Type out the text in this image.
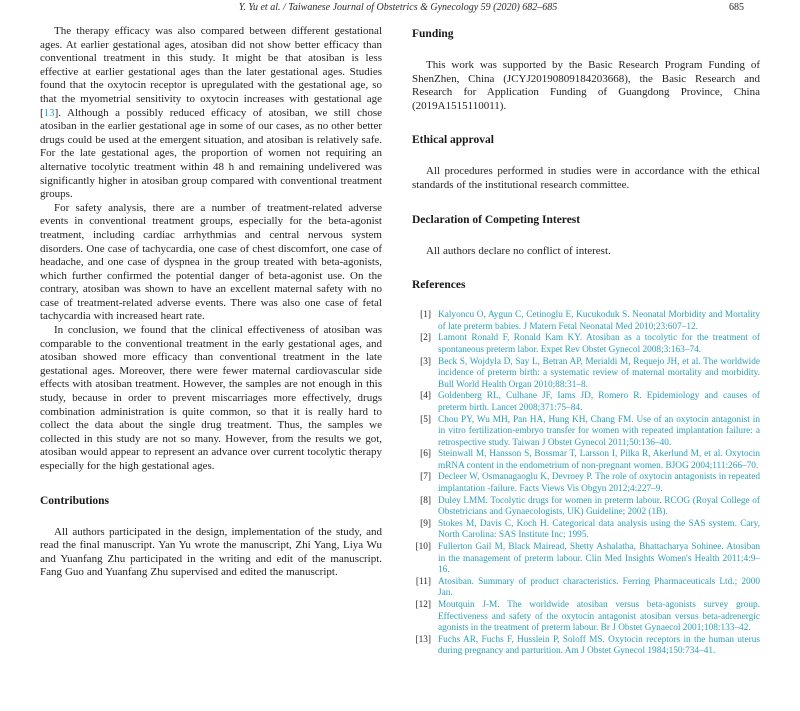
Y. Yu et al. / Taiwanese Journal of Obstetrics & Gynecology 59 (2020) 682–685	685

The therapy efficacy was also compared between different gestational ages. At earlier gestational ages, atosiban did not show better efficacy than conventional treatment in this study. It might be that atosiban is less effective at earlier gestational ages than the later gestational ages. Studies found that the oxytocin receptor is upregulated with the gestational age, so that the myometrial sensitivity to oxytocin increases with gestational age [13]. Although a possibly reduced efficacy of atosiban, we still chose atosiban in the earlier gestational age in some of our cases, as no other better drugs could be used at the emergent situation, and atosiban is relatively safe. For the late gestational ages, the proportion of women not requiring an alternative tocolytic treatment within 48 h and remaining undelivered was significantly higher in atosiban group compared with conventional treatment groups.

For safety analysis, there are a number of treatment-related adverse events in conventional treatment groups, especially for the beta-agonist treatment, including cardiac arrhythmias and central nervous system disorders. One case of tachycardia, one case of chest discomfort, one case of headache, and one case of dyspnea in the group treated with beta-agonists, which further confirmed the potential danger of beta-agonist use. On the contrary, atosiban was shown to have an excellent maternal safety with no case of treatment-related adverse events. There was also one case of fetal tachycardia with increased heart rate.

In conclusion, we found that the clinical effectiveness of atosiban was comparable to the conventional treatment in the early gestational ages, and atosiban showed more efficacy than conventional treatment in the late gestational ages. Moreover, there were fewer maternal cardiovascular side effects with atosiban treatment. However, the samples are not enough in this study, because in order to prevent miscarriages more effectively, drugs combination administration is quite common, so that it is really hard to collect the data about the single drug treatment. Thus, the samples we collected in this study are not so many. However, from the results we got, atosiban would appear to represent an advance over current tocolytic therapy especially for the high gestational ages.

Contributions

All authors participated in the design, implementation of the study, and read the final manuscript. Yan Yu wrote the manuscript, Zhi Yang, Liya Wu and Yuanfang Zhu participated in the writing and edit of the manuscript. Fang Guo and Yuanfang Zhu supervised and edited the manuscript.

Funding

This work was supported by the Basic Research Program Funding of ShenZhen, China (JCYJ20190809184203668), the Basic Research and Research for Application Funding of Guangdong Province, China (2019A1515110011).

Ethical approval

All procedures performed in studies were in accordance with the ethical standards of the institutional research committee.

Declaration of Competing Interest

All authors declare no conflict of interest.

References
[1] Kalyoncu O, Aygun C, Cetinoglu E, Kucukoduk S. Neonatal Morbidity and Mortality of late preterm babies. J Matern Fetal Neonatal Med 2010;23:607–12.
[2] Lamont Ronald F, Ronald Kam KY. Atosiban as a tocolytic for the treatment of spontaneous preterm labor. Expet Rev Obstet Gynecol 2008;3:163–74.
[3] Beck S, Wojdyla D, Say L, Betran AP, Merialdi M, Requejo JH, et al. The worldwide incidence of preterm birth: a systematic review of maternal mortality and morbidity. Bull World Health Organ 2010;88:31–8.
[4] Goldenberg RL, Culhane JF, Iams JD, Romero R. Epidemiology and causes of preterm birth. Lancet 2008;371:75–84.
[5] Chou PY, Wu MH, Pan HA, Hung KH, Chang FM. Use of an oxytocin antagonist in in vitro fertilization-embryo transfer for women with repeated implantation failure: a retrospective study. Taiwan J Obstet Gynecol 2011;50:136–40.
[6] Steinwall M, Hansson S, Bossmar T, Larsson I, Pilka R, Akerlund M, et al. Oxytocin mRNA content in the endometrium of non-pregnant women. BJOG 2004;111:266–70.
[7] Decleer W, Osmanagaoglu K, Devroey P. The role of oxytocin antagonists in repeated implantation -failure. Facts Views Vis Obgyn 2012;4:227–9.
[8] Duley LMM. Tocolytic drugs for women in preterm labour. RCOG (Royal College of Obstetricians and Gynaecologists, UK) Guideline; 2002 (1B).
[9] Stokes M, Davis C, Koch H. Categorical data analysis using the SAS system. Cary, North Carolina: SAS Institute Inc; 1995.
[10] Fullerton Gail M, Black Mairead, Shetty Ashalatha, Bhattacharya Sohinee. Atosiban in the management of preterm labour. Clin Med Insights Women's Health 2011;4:9–16.
[11] Atosiban. Summary of product characteristics. Ferring Pharmaceuticals Ltd.; 2000 Jan.
[12] Moutquin J-M. The worldwide atosiban versus beta-agonists survey group. Effectiveness and safety of the oxytocin antagonist atosiban versus beta-adrenergic agonists in the treatment of preterm labour. Br J Obstet Gynaecol 2001;108:133–42.
[13] Fuchs AR, Fuchs F, Husslein P, Soloff MS. Oxytocin receptors in the human uterus during pregnancy and parturition. Am J Obstet Gynecol 1984;150:734–41.
